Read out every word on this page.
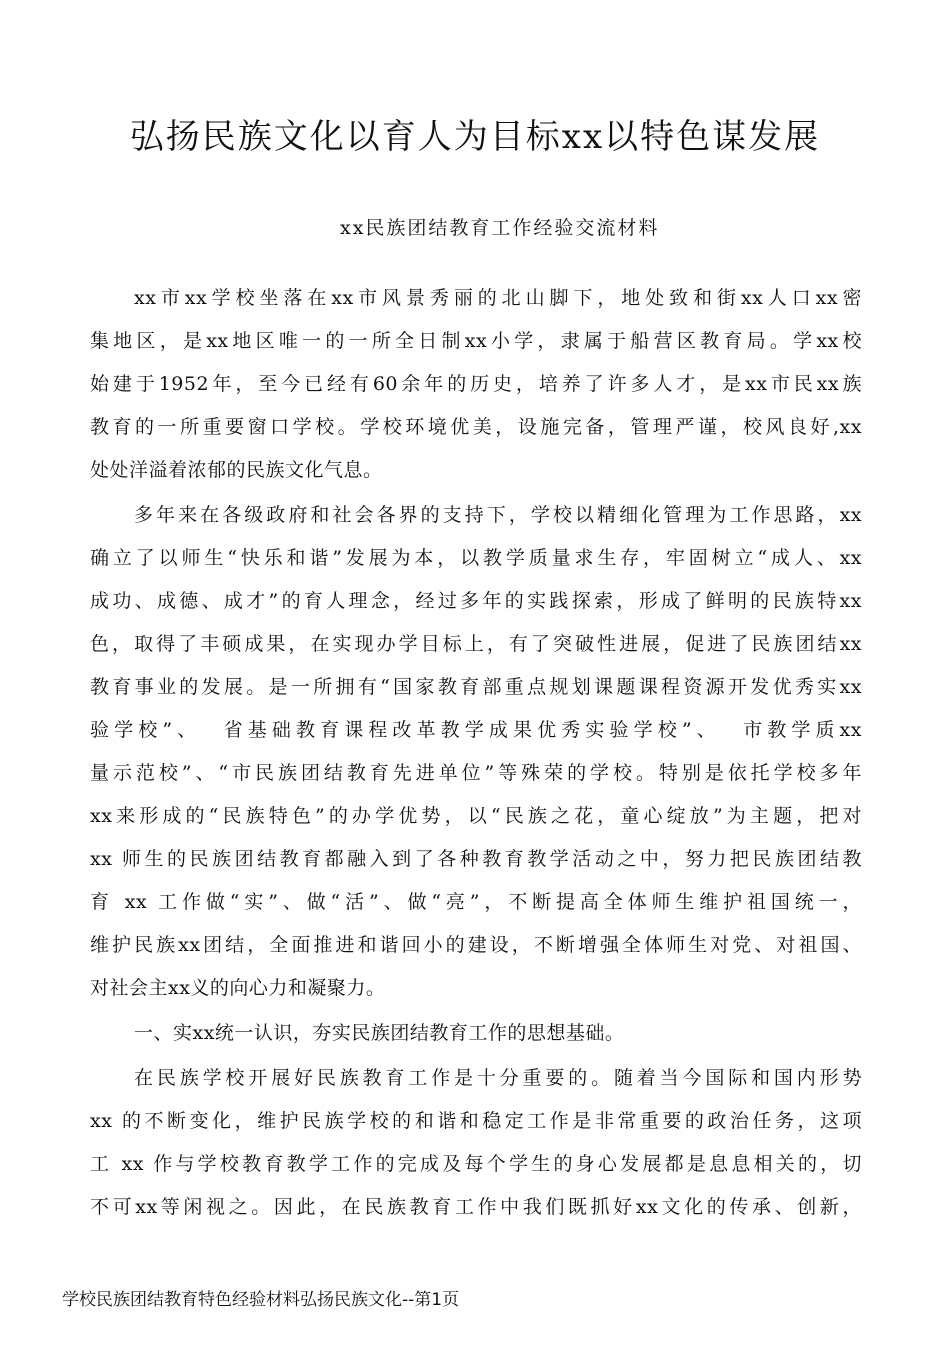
弘扬民族文化以育人为目标xx以特色谋发展
xx民族团结教育工作经验交流材料
xx市xx学校坐落在xx市风景秀丽的北山脚下，地处致和街xx人口xx密
集地区，是xx地区唯一的一所全日制xx小学，隶属于船营区教育局。学xx校
始建于1952年，至今已经有60余年的历史，培养了许多人才，是xx市民xx族
教育的一所重要窗口学校。学校环境优美，设施完备，管理严谨，校风良好,xx
处处洋溢着浓郁的民族文化气息。
多年来在各级政府和社会各界的支持下，学校以精细化管理为工作思路，xx
确立了以师生“快乐和谐”发展为本，以教学质量求生存，牢固树立“成人、xx
成功、成德、成才”的育人理念，经过多年的实践探索，形成了鲜明的民族特xx
色，取得了丰硕成果，在实现办学目标上，有了突破性进展，促进了民族团结xx
教育事业的发展。是一所拥有“国家教育部重点规划课题课程资源开发优秀实xx
验学校”、  省基础教育课程改革教学成果优秀实验学校”、  市教学质xx
量示范校”、“市民族团结教育先进单位”等殊荣的学校。特别是依托学校多年
xx来形成的“民族特色”的办学优势，以“民族之花，童心绽放”为主题，把对
xx 师生的民族团结教育都融入到了各种教育教学活动之中，努力把民族团结教
育 xx 工作做“实”、做“活”、做“亮”，不断提高全体师生维护祖国统一，
维护民族xx团结，全面推进和谐回小的建设，不断增强全体师生对党、对祖国、
对社会主xx义的向心力和凝聚力。
一、实xx统一认识，夯实民族团结教育工作的思想基础。
在民族学校开展好民族教育工作是十分重要的。随着当今国际和国内形势
xx 的不断变化，维护民族学校的和谐和稳定工作是非常重要的政治任务，这项
工 xx 作与学校教育教学工作的完成及每个学生的身心发展都是息息相关的，切
不可xx等闲视之。因此，在民族教育工作中我们既抓好xx文化的传承、创新，
学校民族团结教育特色经验材料弘扬民族文化--第1页
